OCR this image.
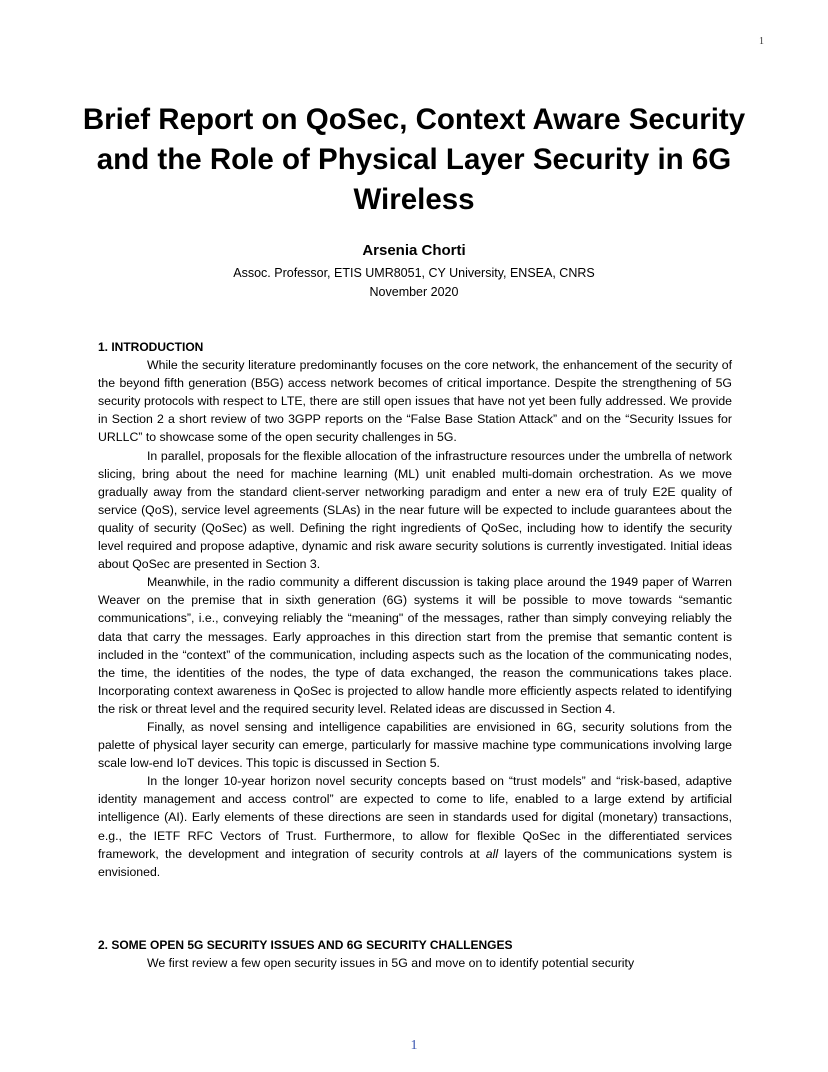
1
Brief Report on QoSec, Context Aware Security and the Role of Physical Layer Security in 6G Wireless

Arsenia Chorti

Assoc. Professor, ETIS UMR8051, CY University, ENSEA, CNRS

November 2020

1. INTRODUCTION

While the security literature predominantly focuses on the core network, the enhancement of the security of the beyond fifth generation (B5G) access network becomes of critical importance. Despite the strengthening of 5G security protocols with respect to LTE, there are still open issues that have not yet been fully addressed. We provide in Section 2 a short review of two 3GPP reports on the “False Base Station Attack” and on the “Security Issues for URLLC” to showcase some of the open security challenges in 5G.

In parallel, proposals for the flexible allocation of the infrastructure resources under the umbrella of network slicing, bring about the need for machine learning (ML) unit enabled multi-domain orchestration. As we move gradually away from the standard client-server networking paradigm and enter a new era of truly E2E quality of service (QoS), service level agreements (SLAs) in the near future will be expected to include guarantees about the quality of security (QoSec) as well. Defining the right ingredients of QoSec, including how to identify the security level required and propose adaptive, dynamic and risk aware security solutions is currently investigated. Initial ideas about QoSec are presented in Section 3.

Meanwhile, in the radio community a different discussion is taking place around the 1949 paper of Warren Weaver on the premise that in sixth generation (6G) systems it will be possible to move towards “semantic communications”, i.e., conveying reliably the “meaning" of the messages, rather than simply conveying reliably the data that carry the messages. Early approaches in this direction start from the premise that semantic content is included in the “context” of the communication, including aspects such as the location of the communicating nodes, the time, the identities of the nodes, the type of data exchanged, the reason the communications takes place. Incorporating context awareness in QoSec is projected to allow handle more efficiently aspects related to identifying the risk or threat level and the required security level. Related ideas are discussed in Section 4.

Finally, as novel sensing and intelligence capabilities are envisioned in 6G, security solutions from the palette of physical layer security can emerge, particularly for massive machine type communications involving large scale low-end IoT devices. This topic is discussed in Section 5.

In the longer 10-year horizon novel security concepts based on “trust models” and “risk-based, adaptive identity management and access control” are expected to come to life, enabled to a large extend by artificial intelligence (AI). Early elements of these directions are seen in standards used for digital (monetary) transactions, e.g., the IETF RFC Vectors of Trust. Furthermore, to allow for flexible QoSec in the differentiated services framework, the development and integration of security controls at all layers of the communications system is envisioned.

2. SOME OPEN 5G SECURITY ISSUES AND 6G SECURITY CHALLENGES

We first review a few open security issues in 5G and move on to identify potential security

1
